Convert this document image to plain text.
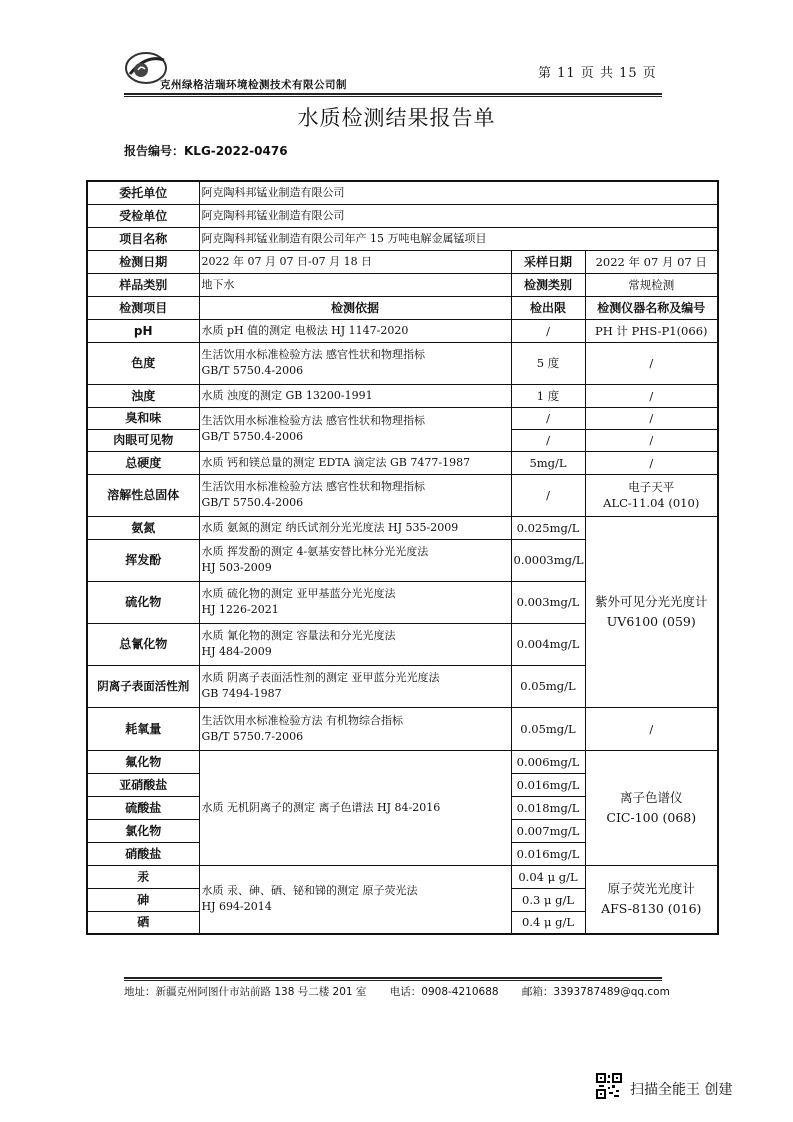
克州绿格洁瑞环境检测技术有限公司制
第 11 页 共 15 页
水质检测结果报告单
报告编号：KLG-2022-0476
委托单位	阿克陶科邦锰业制造有限公司		
受检单位	阿克陶科邦锰业制造有限公司		
项目名称	阿克陶科邦锰业制造有限公司年产 15 万吨电解金属锰项目		
检测日期	2022 年 07 月 07 日-07 月 18 日	采样日期	2022 年 07 月 07 日
样品类别	地下水	检测类别	常规检测
检测项目	检测依据	检出限	检测仪器名称及编号
pH	水质 pH 值的测定 电极法 HJ 1147-2020	/	PH 计 PHS-P1(066)
色度	生活饮用水标准检验方法 感官性状和物理指标
GB/T 5750.4-2006	5 度	/
浊度	水质 浊度的测定 GB 13200-1991	1 度	/
臭和味	生活饮用水标准检验方法 感官性状和物理指标
GB/T 5750.4-2006	/	/
肉眼可见物		/	/
总硬度	水质 钙和镁总量的测定 EDTA 滴定法 GB 7477-1987	5mg/L	/
溶解性总固体	生活饮用水标准检验方法 感官性状和物理指标
GB/T 5750.4-2006	/	电子天平
ALC-11.04 (010)
氨氮	水质 氨氮的测定 纳氏试剂分光光度法 HJ 535-2009	0.025mg/L	紫外可见分光光度计
UV6100 (059)
挥发酚	水质 挥发酚的测定 4-氨基安替比林分光光度法
HJ 503-2009	0.0003mg/L	
硫化物	水质 硫化物的测定 亚甲基蓝分光光度法
HJ 1226-2021	0.003mg/L	
总氰化物	水质 氰化物的测定 容量法和分光光度法
HJ 484-2009	0.004mg/L	
阴离子表面活性剂	水质 阴离子表面活性剂的测定 亚甲蓝分光光度法
GB 7494-1987	0.05mg/L	
耗氧量	生活饮用水标准检验方法 有机物综合指标
GB/T 5750.7-2006	0.05mg/L	/
氟化物	水质 无机阴离子的测定 离子色谱法 HJ 84-2016	0.006mg/L	离子色谱仪
CIC-100 (068)
亚硝酸盐		0.016mg/L	
硫酸盐		0.018mg/L	
氯化物		0.007mg/L	
硝酸盐		0.016mg/L	
汞	水质 汞、砷、硒、铋和锑的测定 原子荧光法
HJ 694-2014	0.04 μ g/L	原子荧光光度计
AFS-8130 (016)
砷		0.3 μ g/L	
硒		0.4 μ g/L	
地址：新疆克州阿图什市站前路 138 号二楼 201 室 电话：0908-4210688 邮箱：3393787489@qq.com
扫描全能王 创建
